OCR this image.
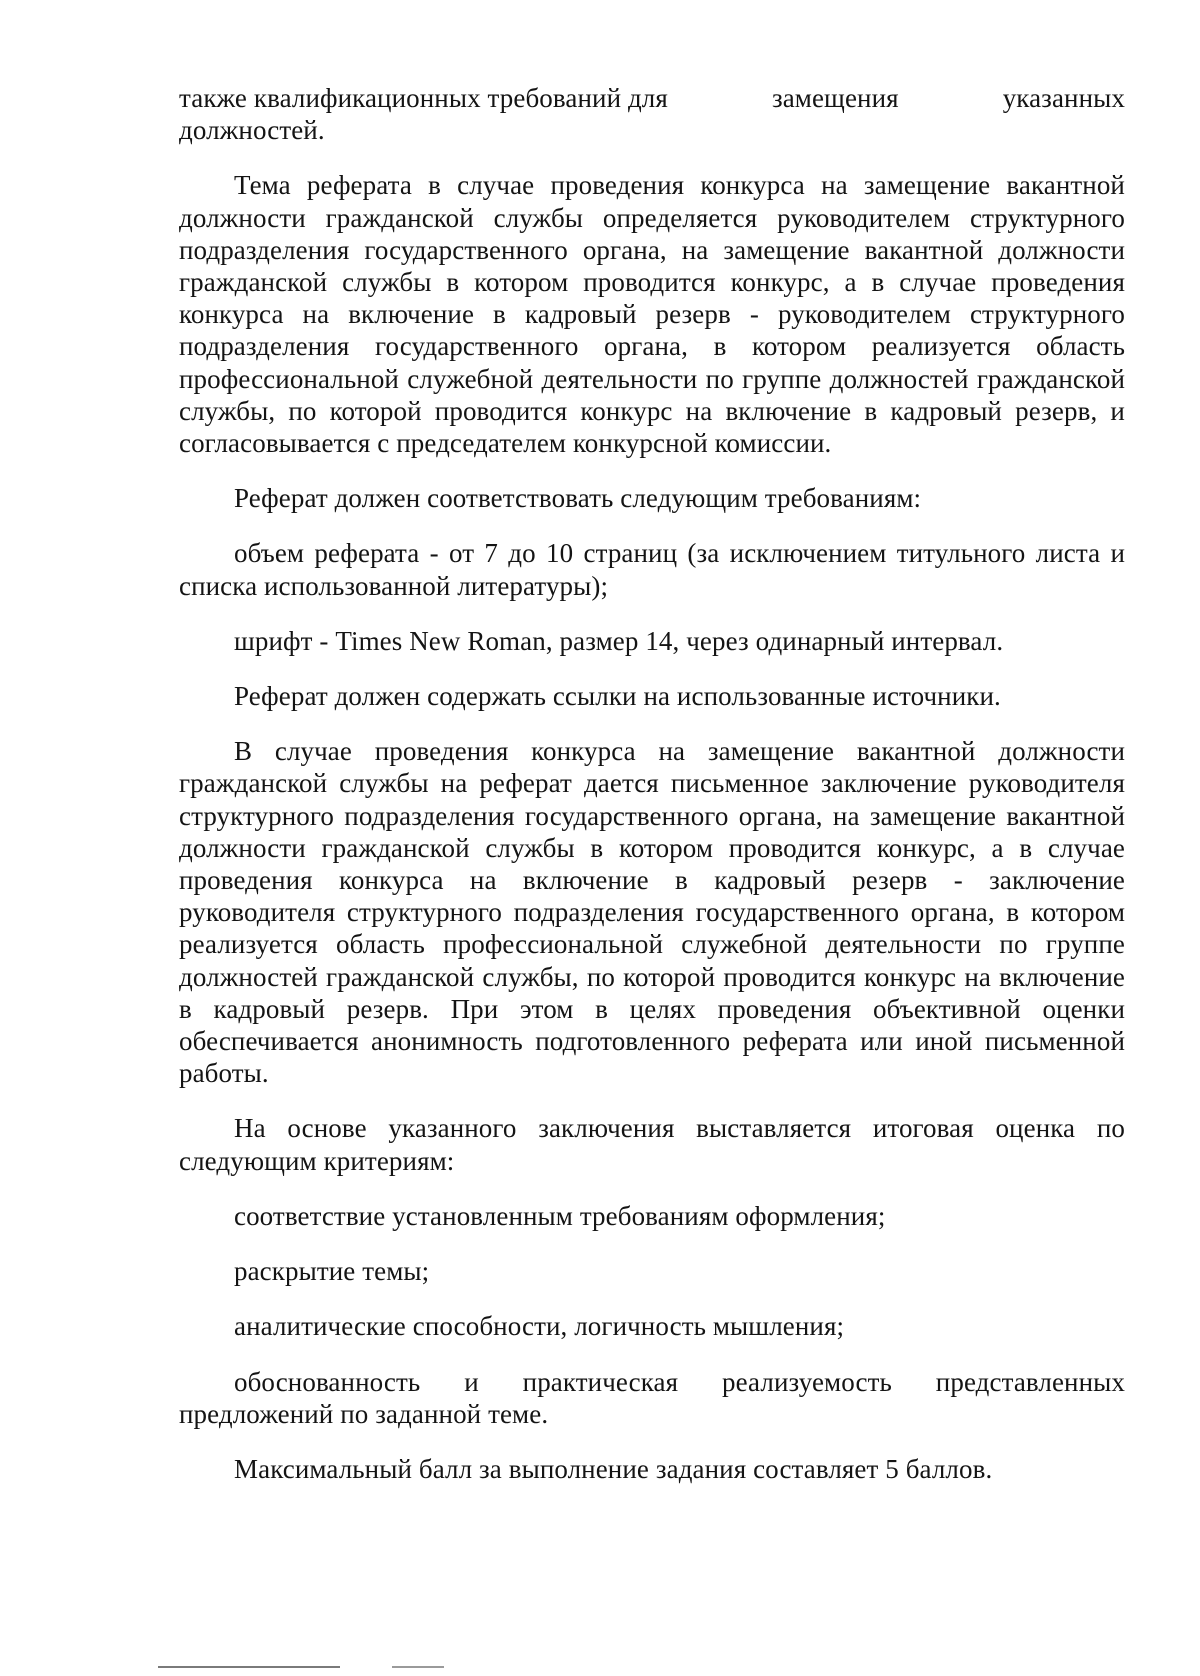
также квалификационных требований для	замещения	указанных
должностей.

Тема реферата в случае проведения конкурса на замещение вакантной должности гражданской службы определяется руководителем структурного подразделения государственного органа, на замещение вакантной должности гражданской службы в котором проводится конкурс, а в случае проведения конкурса на включение в кадровый резерв - руководителем структурного подразделения государственного органа, в котором реализуется область профессиональной служебной деятельности по группе должностей гражданской службы, по которой проводится конкурс на включение в кадровый резерв, и согласовывается с председателем конкурсной комиссии.

Реферат должен соответствовать следующим требованиям:

объем реферата - от 7 до 10 страниц (за исключением титульного листа и списка использованной литературы);

шрифт - Times New Roman, размер 14, через одинарный интервал.

Реферат должен содержать ссылки на использованные источники.

В случае проведения конкурса на замещение вакантной должности гражданской службы на реферат дается письменное заключение руководителя структурного подразделения государственного органа, на замещение вакантной должности гражданской службы в котором проводится конкурс, а в случае проведения конкурса на включение в кадровый резерв - заключение руководителя структурного подразделения государственного органа, в котором реализуется область профессиональной служебной деятельности по группе должностей гражданской службы, по которой проводится конкурс на включение в кадровый резерв. При этом в целях проведения объективной оценки обеспечивается анонимность подготовленного реферата или иной письменной работы.

На основе указанного заключения выставляется итоговая оценка по следующим критериям:

соответствие установленным требованиям оформления;

раскрытие темы;

аналитические способности, логичность мышления;

обоснованность и практическая реализуемость представленных предложений по заданной теме.

Максимальный балл за выполнение задания составляет 5 баллов.
